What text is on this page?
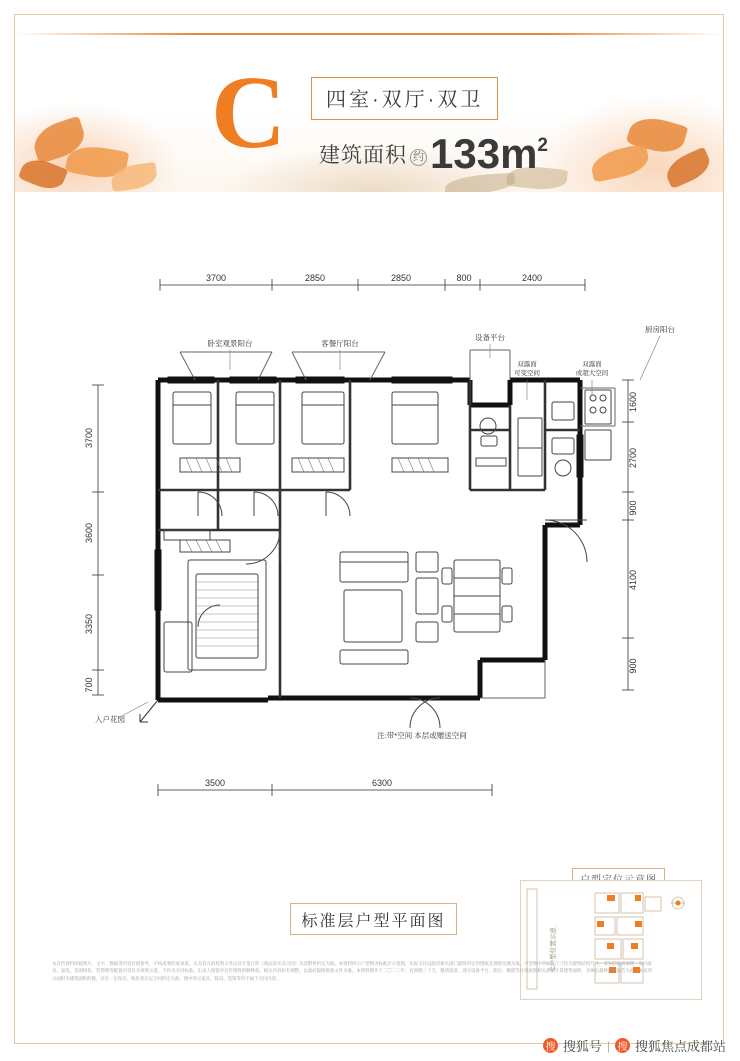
C	四室·双厅·双卫
建筑面积 约 133m 2
3700	2850	2850	800	2400
3700
3600
3350
700
1600
2700
900
4100
900
3500	6300
卧室观景阳台	客餐厅阳台
设备平台
厨房阳台
入户花园
注:带*空间 本层或赠送空间
双露面
可变空间
双露面
或超大空间
标准层户型平面图
C户型位置示意
本宣传资料所载图片、文字、数据等内容仅供参考，不构成要约或承诺，买卖双方的权利义务以双方签订的《商品房买卖合同》及其附件约定为准。本资料所示户型图为标准层示意图，实际交付以政府相关部门最终审定的图纸及现场实测为准。户型图中所标注尺寸均为建筑结构尺寸，非实际使用面积，室内家具、家电、景观绿化、装饰物等配置内容仅为效果示意，不作为交付标准。出卖人保留对宣传资料的解释权，相关内容如有调整，以政府最终批准文件为准。本资料制作于二〇二三年，有效期三十天，敬请留意。部分设备平台、阳台、飘窗等区域按照相关规范计算建筑面积，具体以最终测绘报告为准。本页所示面积为建筑面积约数，存在一定误差，购房者应以合同约定为准。图中所示家具、陈设、装饰等均不属于交付内容。
搜 搜狐号 | 搜 搜狐焦点成都站
